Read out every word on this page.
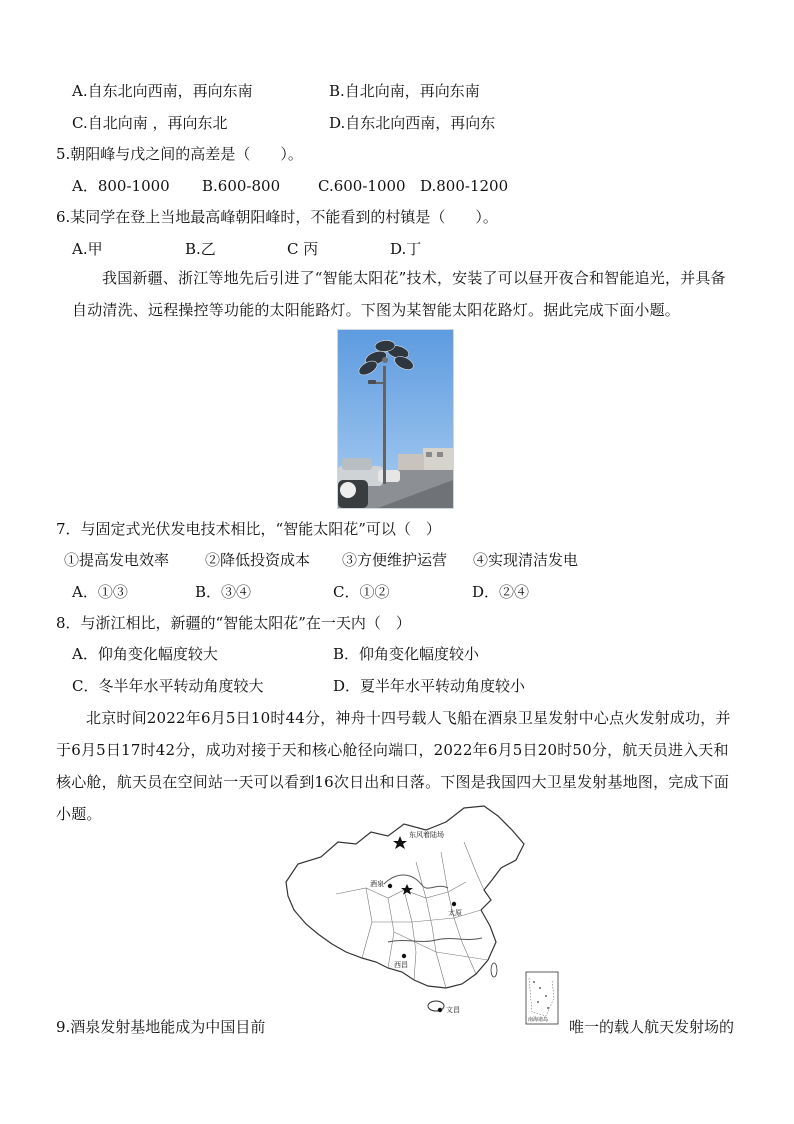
A.自东北向西南，再向东南	B.自北向南，再向东南
C.自北向南 ，再向东北	D.自东北向西南，再向东
5.朝阳峰与戊之间的高差是（　　）。
A．800-1000 B.600-800	C.600-1000 D.800-1200
6.某同学在登上当地最高峰朝阳峰时，不能看到的村镇是（　　）。
A.甲	B.乙	C 丙	D.丁
我国新疆、浙江等地先后引进了“智能太阳花”技术，安装了可以昼开夜合和智能追光，并具备自动清洗、远程操控等功能的太阳能路灯。下图为某智能太阳花路灯。据此完成下面小题。
7．与固定式光伏发电技术相比，“智能太阳花”可以（　）
①提高发电效率 ②降低投资成本 ③方便维护运营 ④实现清洁发电
A．①③	B．③④	C．①②	D．②④
8．与浙江相比，新疆的“智能太阳花”在一天内（　）
A．仰角变化幅度较大	B．仰角变化幅度较小
C．冬半年水平转动角度较大	D．夏半年水平转动角度较小
北京时间2022年6月5日10时44分，神舟十四号载人飞船在酒泉卫星发射中心点火发射成功，并于6月5日17时42分，成功对接于天和核心舱径向端口，2022年6月5日20时50分，航天员进入天和核心舱，航天员在空间站一天可以看到16次日出和日落。下图是我国四大卫星发射基地图，完成下面小题。
东风着陆场
酒泉
太原
西昌
文昌
南海诸岛
9.酒泉发射基地能成为中国目前	唯一的载人航天发射场的
